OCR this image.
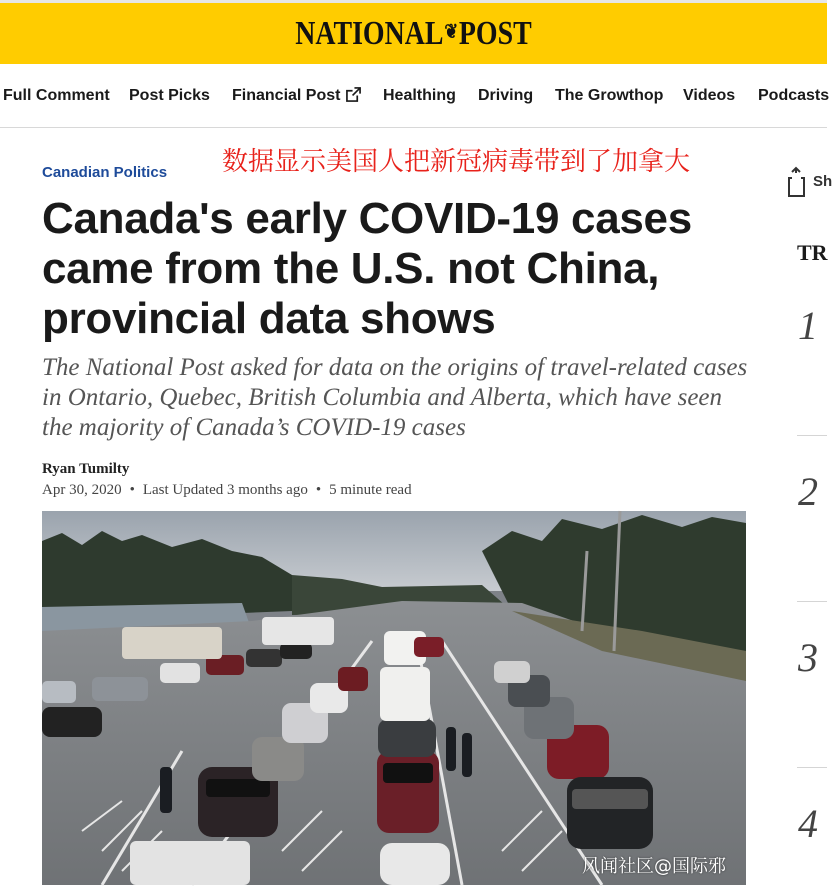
NATIONAL❦POST
Full Comment Post Picks Financial Post	Healthing Driving The Growthop Videos Podcasts
Canadian Politics 数据显示美国人把新冠病毒带到了加拿大
Canada's early COVID-19 cases came from the U.S. not China, provincial data shows

The National Post asked for data on the origins of travel-related cases in Ontario, Quebec, British Columbia and Alberta, which have seen the majority of Canada’s COVID-19 cases

Ryan Tumilty
Apr 30, 2020 • Last Updated 3 months ago • 5 minute read
风闻社区@国际邪
Sh
TR
1
2
3
4
